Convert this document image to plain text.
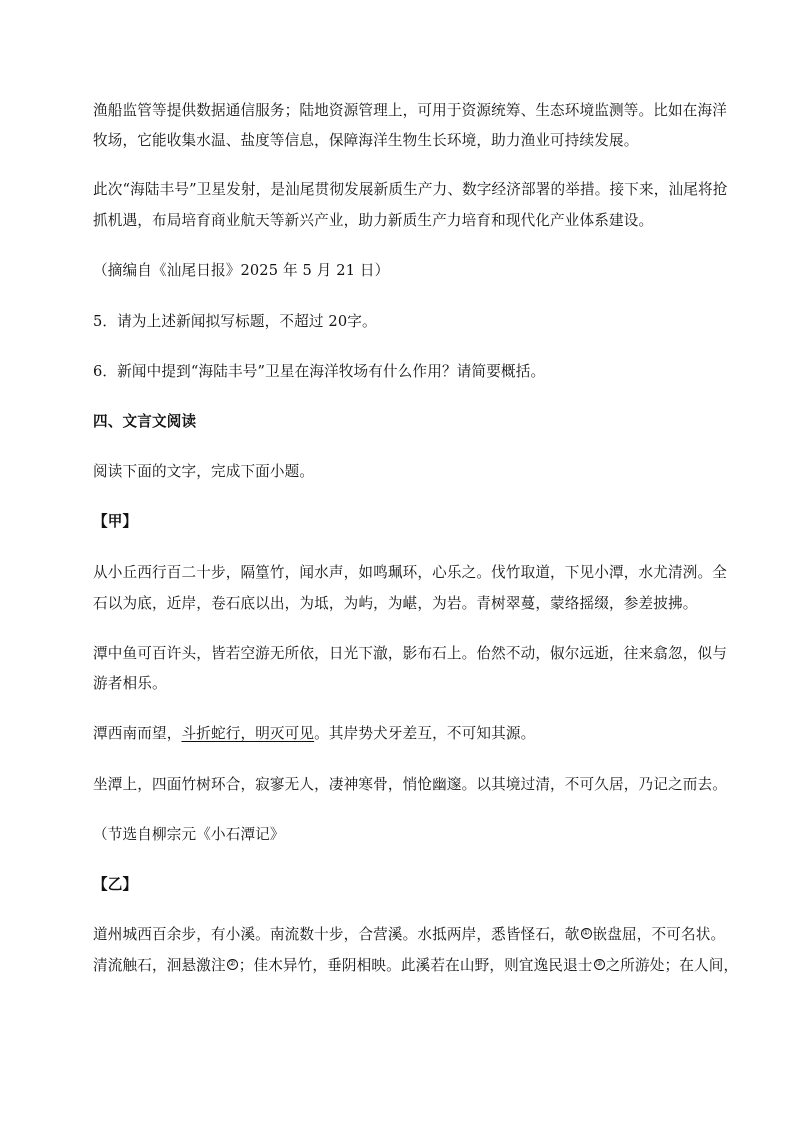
渔船监管等提供数据通信服务；陆地资源管理上，可用于资源统筹、生态环境监测等。比如在海洋
牧场，它能收集水温、盐度等信息，保障海洋生物生长环境，助力渔业可持续发展。
此次“海陆丰号”卫星发射，是汕尾贯彻发展新质生产力、数字经济部署的举措。接下来，汕尾将抢
抓机遇，布局培育商业航天等新兴产业，助力新质生产力培育和现代化产业体系建设。
（摘编自《汕尾日报》2025 年 5 月 21 日）
5．请为上述新闻拟写标题，不超过 20字。
6．新闻中提到“海陆丰号”卫星在海洋牧场有什么作用？请简要概括。
四、文言文阅读
阅读下面的文字，完成下面小题。
【甲】
从小丘西行百二十步，隔篁竹，闻水声，如鸣珮环，心乐之。伐竹取道，下见小潭，水尤清洌。全
石以为底，近岸，卷石底以出，为坻，为屿，为嵁，为岩。青树翠蔓，蒙络摇缀，参差披拂。
潭中鱼可百许头，皆若空游无所依，日光下澈，影布石上。佁然不动，俶尔远逝，往来翕忽，似与
游者相乐。
潭西南而望，斗折蛇行，明灭可见。其岸势犬牙差互，不可知其源。
坐潭上，四面竹树环合，寂寥无人，凄神寒骨，悄怆幽邃。以其境过清，不可久居，乃记之而去。
（节选自柳宗元《小石潭记》
【乙】
道州城西百余步，有小溪。南流数十步，合营溪。水抵两岸，悉皆怪石，欹 ① 嵌盘屈，不可名状。
清流触石，洄悬激注 ② ；佳木异竹，垂阴相映。此溪若在山野，则宜逸民退士 ③ 之所游处；在人间，
